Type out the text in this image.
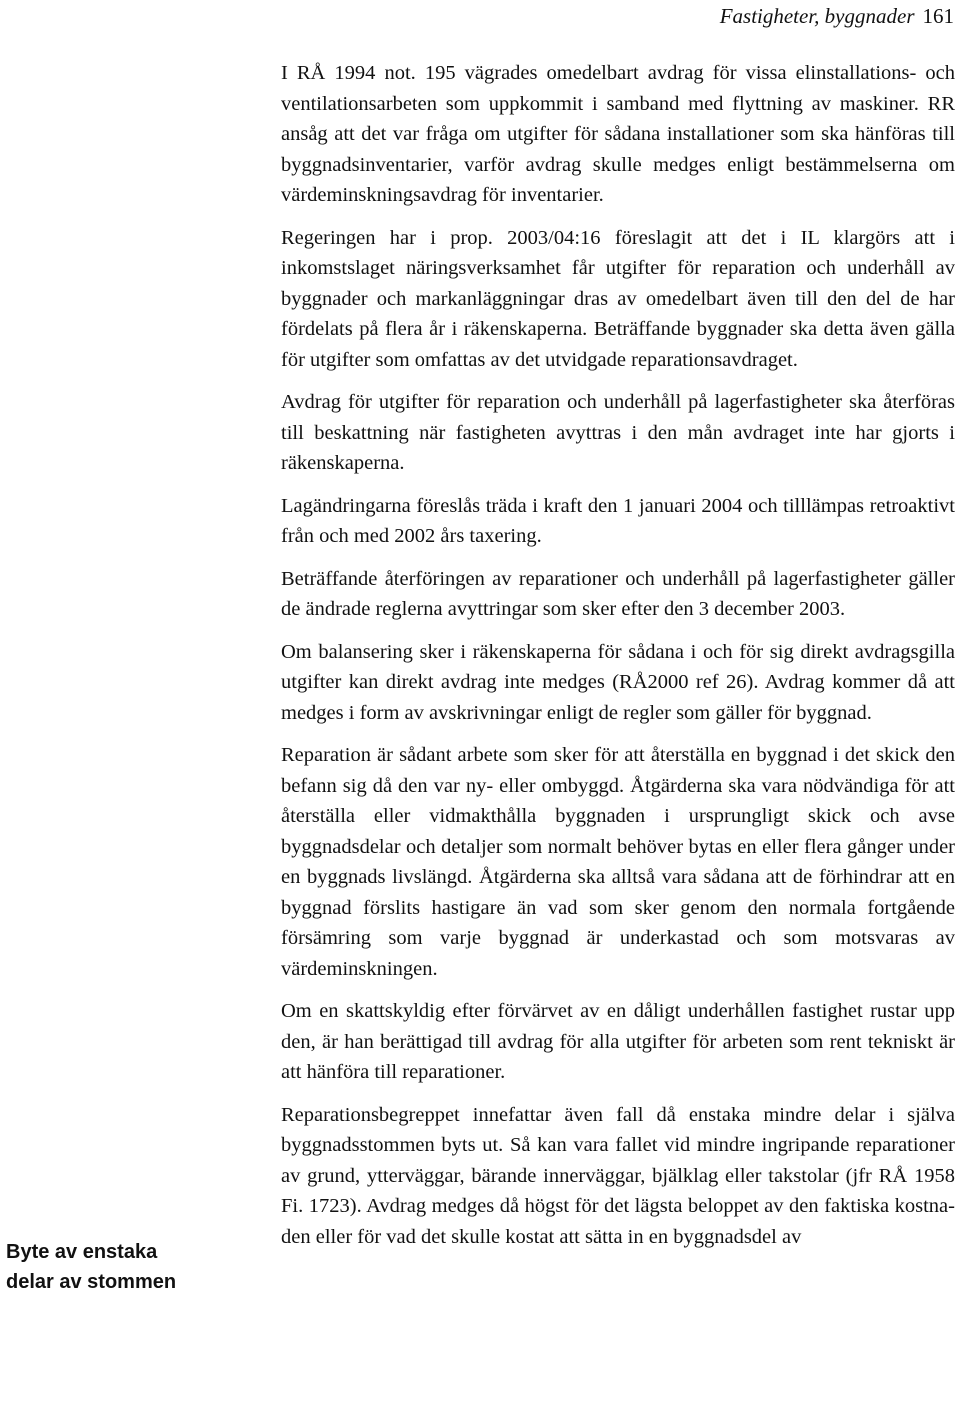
Fastigheter, byggnader 161
Byte av enstaka
delar av stommen

I RÅ 1994 not. 195 vägrades omedelbart avdrag för vissa elinstallations- och ventilationsarbeten som uppkommit i samband med flyttning av maskiner. RR ansåg att det var fråga om utgifter för sådana installationer som ska hänföras till byggnadsinventarier, varför avdrag skulle medges enligt bestämmelserna om värdeminskningsavdrag för inventarier.

Regeringen har i prop. 2003/04:16 föreslagit att det i IL klargörs att i inkomstslaget näringsverksamhet får utgifter för reparation och underhåll av byggnader och markanläggningar dras av omedelbart även till den del de har fördelats på flera år i räkenskaperna. Beträffande byggnader ska detta även gälla för utgifter som omfattas av det utvidgade reparationsavdraget.

Avdrag för utgifter för reparation och underhåll på lagerfastigheter ska återföras till beskattning när fastigheten avyttras i den mån avdraget inte har gjorts i räkenskaperna.

Lagändringarna föreslås träda i kraft den 1 januari 2004 och tilllämpas retroaktivt från och med 2002 års taxering.

Beträffande återföringen av reparationer och underhåll på lagerfastigheter gäller de ändrade reglerna avyttringar som sker efter den 3 december 2003.

Om balansering sker i räkenskaperna för sådana i och för sig direkt avdragsgilla utgifter kan direkt avdrag inte medges (RÅ2000 ref 26). Avdrag kommer då att medges i form av avskrivningar enligt de regler som gäller för byggnad.

Reparation är sådant arbete som sker för att återställa en byggnad i det skick den befann sig då den var ny- eller ombyggd. Åtgärderna ska vara nödvändiga för att återställa eller vidmakthålla byggnaden i ursprungligt skick och avse byggnadsdelar och detaljer som normalt behöver bytas en eller flera gånger under en byggnads livslängd. Åtgärderna ska alltså vara sådana att de förhindrar att en byggnad förslits hastigare än vad som sker genom den normala fortgående försämring som varje byggnad är underkastad och som motsvaras av värdeminskningen.

Om en skattskyldig efter förvärvet av en dåligt underhållen fastighet rustar upp den, är han berättigad till avdrag för alla utgifter för arbeten som rent tekniskt är att hänföra till reparationer.

Reparationsbegreppet innefattar även fall då enstaka mindre delar i själva byggnadsstommen byts ut. Så kan vara fallet vid mindre ingripande reparationer av grund, ytterväggar, bärande innerväggar, bjälklag eller takstolar (jfr RÅ 1958 Fi. 1723). Avdrag medges då högst för det lägsta beloppet av den faktiska kostnaden eller för vad det skulle kostat att sätta in en byggnadsdel av
